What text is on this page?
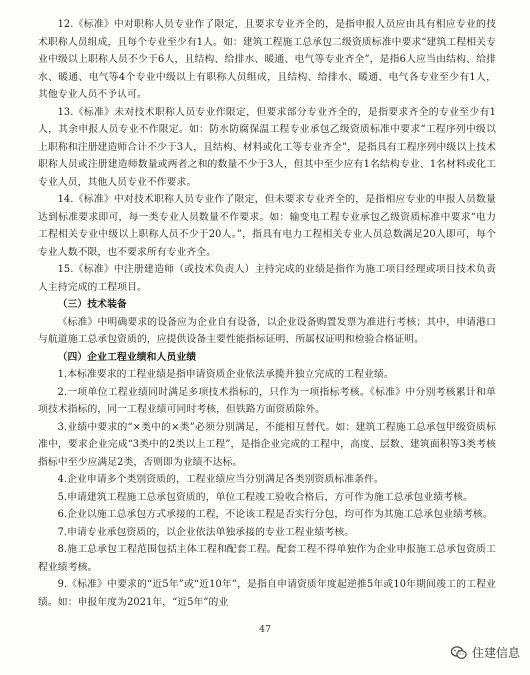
12.《标准》中对职称人员专业作了限定，且要求专业齐全的，是指申报人员应由具有相应专业的技术职称人员组成，且每个专业至少有1人。如：建筑工程施工总承包二级资质标准中要求“建筑工程相关专业中级以上职称人员不少于6人，且结构、给排水、暖通、电气等专业齐全”，是指6人应当由结构、给排水、暖通、电气等4个专业中级以上有职称人员组成，且结构、给排水、暖通、电气各专业至少有1人，其他专业人员不予认可。

13.《标准》未对技术职称人员专业作限定，但要求部分专业齐全的，是指要求齐全的专业至少有1人，其余申报人员专业不作限定。如：防水防腐保温工程专业承包乙级资质标准中要求“工程序列中级以上职称和注册建造师合计不少于3人，且结构、材料或化工等专业齐全”，是指具有工程序列中级以上技术职称人员或注册建造师数量或两者之和的数量不少于3人，但其中至少应有1名结构专业、1名材料或化工专业人员，其他人员专业不作要求。

14.《标准》中对技术职称人员专业作了限定，但未要求专业齐全的，是指相应专业的申报人员数量达到标准要求即可，每一类专业人员数量不作要求。如：输变电工程专业承包乙级资质标准中要求“电力工程相关专业中级以上职称人员不少于20人。”，指具有电力工程相关专业人员总数满足20人即可，每个专业人数不限，也不要求所有专业齐全。

15.《标准》中注册建造师（或技术负责人）主持完成的业绩是指作为施工项目经理或项目技术负责人主持完成的工程项目。

（三）技术装备

《标准》中明确要求的设备应为企业自有设备，以企业设备购置发票为准进行考核；其中，申请港口与航道施工总承包资质的，应提供设备主要性能指标证明、所属权证明和检验合格证明。

（四）企业工程业绩和人员业绩

1.本标准要求的工程业绩是指申请资质企业依法承揽并独立完成的工程业绩。

2.一项单位工程业绩同时满足多项技术指标的，只作为一项指标考核。《标准》中分别考核累计和单项技术指标的，同一工程业绩可同时考核，但铁路方面资质除外。

3.业绩中要求的“×类中的×类”必须分别满足，不能相互替代。如：建筑工程施工总承包甲级资质标准中，要求企业完成“3类中的2类以上工程”，是指企业完成的工程中，高度、层数、建筑面积等3类考核指标中至少应满足2类，否则即为业绩不达标。

4.企业申请多个类别资质的，工程业绩应当分别满足各类别资质标准条件。

5.申请建筑工程施工总承包资质的，单位工程竣工验收合格后，方可作为施工总承包业绩考核。

6.企业以施工总承包方式承接的工程，不论该工程是否实行分包，均可作为其施工总承包业绩考核。

7.申请专业承包资质的，以企业依法单独承接的专业工程业绩考核。

8.施工总承包工程范围包括主体工程和配套工程。配套工程不得单独作为企业申报施工总承包资质工程业绩考核。

9.《标准》中要求的“近5年”或“近10年”，是指自申请资质年度起逆推5年或10年期间竣工的工程业绩。如：申报年度为2021年，“近5年”的业

47
住建信息
